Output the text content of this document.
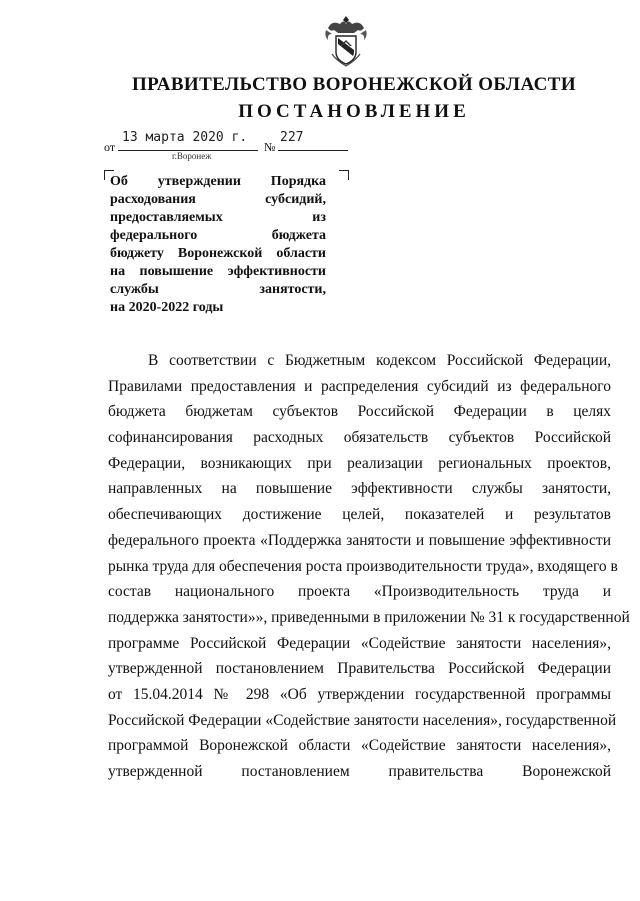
ПРАВИТЕЛЬСТВО ВОРОНЕЖСКОЙ ОБЛАСТИ
ПОСТАНОВЛЕНИЕ
от
13 марта 2020 г.
№
227
г.Воронеж
Об утверждении Порядка
расходования субсидий,
предоставляемых из
федерального бюджета
бюджету Воронежской области
на повышение эффективности
службы занятости,
на 2020-2022 годы
В соответствии с Бюджетным кодексом Российской Федерации,
Правилами предоставления и распределения субсидий из федерального
бюджета бюджетам субъектов Российской Федерации в целях
софинансирования расходных обязательств субъектов Российской
Федерации, возникающих при реализации региональных проектов,
направленных на повышение эффективности службы занятости,
обеспечивающих достижение целей, показателей и результатов
федерального проекта «Поддержка занятости и повышение эффективности
рынка труда для обеспечения роста производительности труда», входящего в
состав национального проекта «Производительность труда и
поддержка занятости»», приведенными в приложении № 31 к государственной
программе Российской Федерации «Содействие занятости населения»,
утвержденной постановлением Правительства Российской Федерации
от 15.04.2014 № 298 «Об утверждении государственной программы
Российской Федерации «Содействие занятости населения», государственной
программой Воронежской области «Содействие занятости населения»,
утвержденной постановлением правительства Воронежской
